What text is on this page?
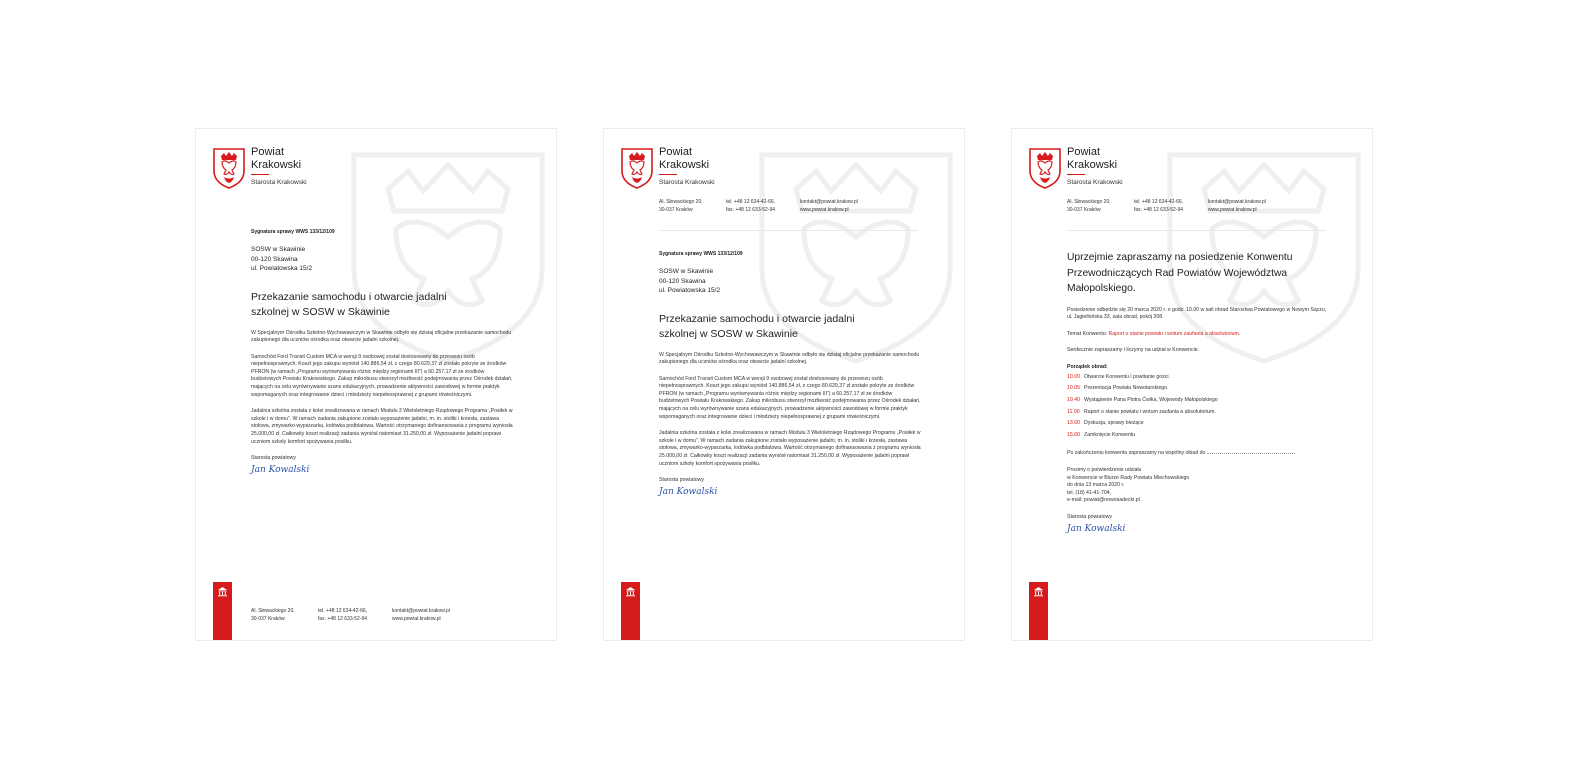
Powiat
Krakowski
Starosta Krakowski
Sygnatura sprawy WWS 133/12/109
SOSW w Skawinie
00-120 Skawina
ul. Powiatowska 15/2
Przekazanie samochodu i otwarcie jadalni
szkolnej w SOSW w Skawinie
W Specjalnym Ośrodku Szkolno-Wychowawczym w Skawinie odbyło się dzisiaj oficjalne przekazanie samochodu zakupionego dla uczniów ośrodka oraz otwarcie jadalni szkolnej.
Samochód Ford Transit Custom MCA w wersji 9 osobowej został dostosowany do przewozu osób niepełnosprawnych. Koszt jego zakupu wyniósł 140.886,54 zł, z czego 80.629,37 zł zostało pokryte ze środków PFRON (w ramach „Programu wyrównywania różnic między regionami III”) a 60.257,17 zł ze środków budżetowych Powiatu Krakowskiego. Zakup mikrobusu stworzył możliwość podejmowania przez Ośrodek działań, mających na celu wyrównywanie szans edukacyjnych, prowadzenie aktywności zawodowej w formie praktyk wspomaganych oraz integrowanie dzieci i młodzieży niepełnosprawnej z grupami rówieśniczymi.
Jadalnia szkolna została z kolei zrealizowana w ramach Modułu 3 Wieloletniego Rządowego Programu „Posiłek w szkole i w domu”. W ramach zadania zakupione zostało wyposażenie jadalni, m. in. stoliki i krzesła, zastawa stołowa, zmywarko-wyparzarka, lodówka podblatowa. Wartość otrzymanego dofinansowania z programu wyniosła 25.000,00 zł. Całkowity koszt realizacji zadania wyniósł natomiast 31.250,00 zł. Wyposażenie jadalni poprawi uczniom szkoły komfort spożywania posiłku.
Starosta powiatowy
Jan Kowalski
Al. Słowackiego 20,
30-037 Kraków
tel. +48 12 634-42-66,
fax. +48 12 633-52-94
kontakt@powiat.krakow.pl
www.powiat.krakow.pl
Powiat
Krakowski
Starosta Krakowski
Al. Słowackiego 20,
30-037 Kraków
tel. +48 12 634-42-66,
fax. +48 12 633-52-94
kontakt@powiat.krakow.pl
www.powiat.krakow.pl
Sygnatura sprawy WWS 133/12/109
SOSW w Skawinie
00-120 Skawina
ul. Powiatowska 15/2
Przekazanie samochodu i otwarcie jadalni
szkolnej w SOSW w Skawinie
W Specjalnym Ośrodku Szkolno-Wychowawczym w Skawinie odbyło się dzisiaj oficjalne przekazanie samochodu zakupionego dla uczniów ośrodka oraz otwarcie jadalni szkolnej.
Samochód Ford Transit Custom MCA w wersji 9 osobowej został dostosowany do przewozu osób niepełnosprawnych. Koszt jego zakupu wyniósł 140.886,54 zł, z czego 80.629,37 zł zostało pokryte ze środków PFRON (w ramach „Programu wyrównywania różnic między regionami III”) a 60.257,17 zł ze środków budżetowych Powiatu Krakowskiego. Zakup mikrobusu stworzył możliwość podejmowania przez Ośrodek działań, mających na celu wyrównywanie szans edukacyjnych, prowadzenie aktywności zawodowej w formie praktyk wspomaganych oraz integrowanie dzieci i młodzieży niepełnosprawnej z grupami rówieśniczymi.
Jadalnia szkolna została z kolei zrealizowana w ramach Modułu 3 Wieloletniego Rządowego Programu „Posiłek w szkole i w domu”. W ramach zadania zakupione zostało wyposażenie jadalni, m. in. stoliki i krzesła, zastawa stołowa, zmywarko-wyparzarka, lodówka podblatowa. Wartość otrzymanego dofinansowania z programu wyniosła 25.000,00 zł. Całkowity koszt realizacji zadania wyniósł natomiast 31.250,00 zł. Wyposażenie jadalni poprawi uczniom szkoły komfort spożywania posiłku.
Starosta powiatowy
Jan Kowalski
Powiat
Krakowski
Starosta Krakowski
Al. Słowackiego 20,
30-037 Kraków
tel. +48 12 634-42-66,
fax. +48 12 633-52-94
kontakt@powiat.krakow.pl
www.powiat.krakow.pl
Uprzejmie zapraszamy na posiedzenie Konwentu
Przewodniczących Rad Powiatów Województwa
Małopolskiego.
Posiedzenie odbędzie się 20 marca 2020 r. o godz. 10.00 w sali obrad Starostwa Powiatowego w Nowym Sączu, ul. Jagiellońska 33, sala obrad, pokój 208.
Temat Konwentu: Raport o stanie powiatu i wotum zaufania a absolutorium.
Serdecznie zapraszamy i liczymy na udział w Konwencie.
Porządek obrad:
10.00 Otwarcie Konwentu i powitanie gości.
10.05 Prezentacja Powiatu Nowotarskiego.
10.40 Wystąpienie Pana Piotra Ćwika, Wojewody Małopolskiego
11.00 Raport o stanie powiatu i wotum zaufania a absolutorium.
13.00 Dyskusja, sprawy bieżące
15.00 Zamknięcie Konwentu
Po zakończeniu konwentu zapraszamy na wspólny obiad do
Prosimy o potwierdzenie udziału
w Konwencie w Biurze Rady Powiatu Miechowskiego
do dnia 13 marca 2020 r.
tel. (18) 41-41-704,
e-mail: powiat@nowosadecki.pl
Starosta powiatowy
Jan Kowalski
